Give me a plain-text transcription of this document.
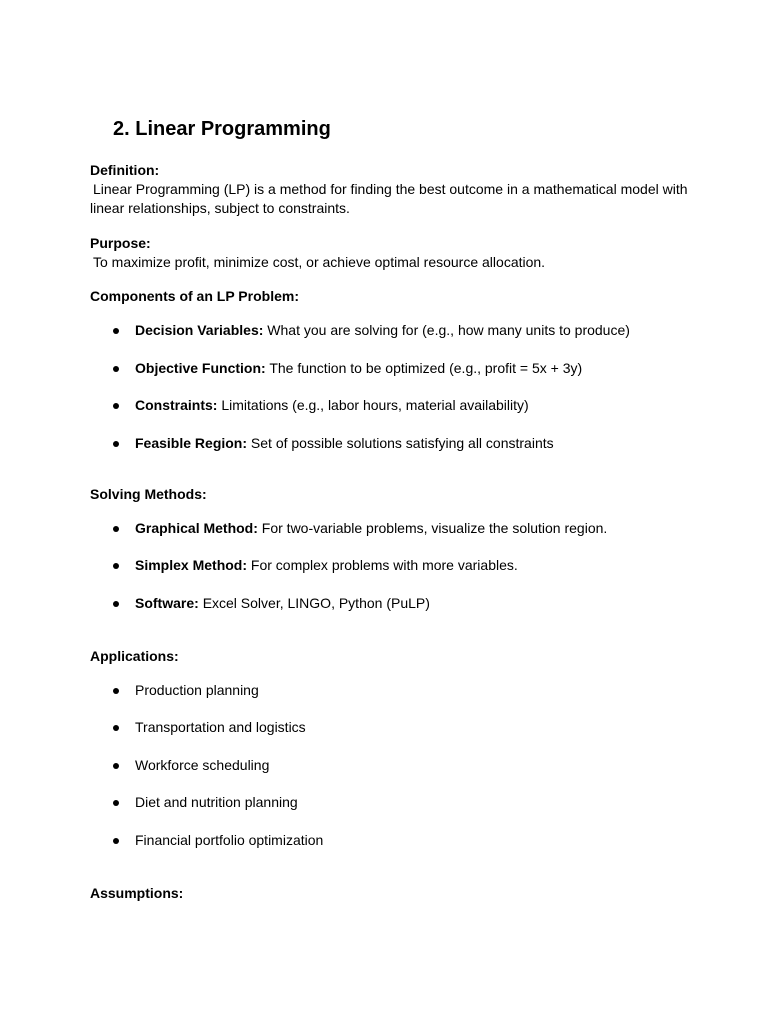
2. Linear Programming

Definition:

Linear Programming (LP) is a method for finding the best outcome in a mathematical model with linear relationships, subject to constraints.

Purpose:

To maximize profit, minimize cost, or achieve optimal resource allocation.

Components of an LP Problem:

Decision Variables: What you are solving for (e.g., how many units to produce)
Objective Function: The function to be optimized (e.g., profit = 5x + 3y)
Constraints: Limitations (e.g., labor hours, material availability)
Feasible Region: Set of possible solutions satisfying all constraints

Solving Methods:

Graphical Method: For two-variable problems, visualize the solution region.
Simplex Method: For complex problems with more variables.
Software: Excel Solver, LINGO, Python (PuLP)

Applications:

Production planning
Transportation and logistics
Workforce scheduling
Diet and nutrition planning
Financial portfolio optimization

Assumptions:
